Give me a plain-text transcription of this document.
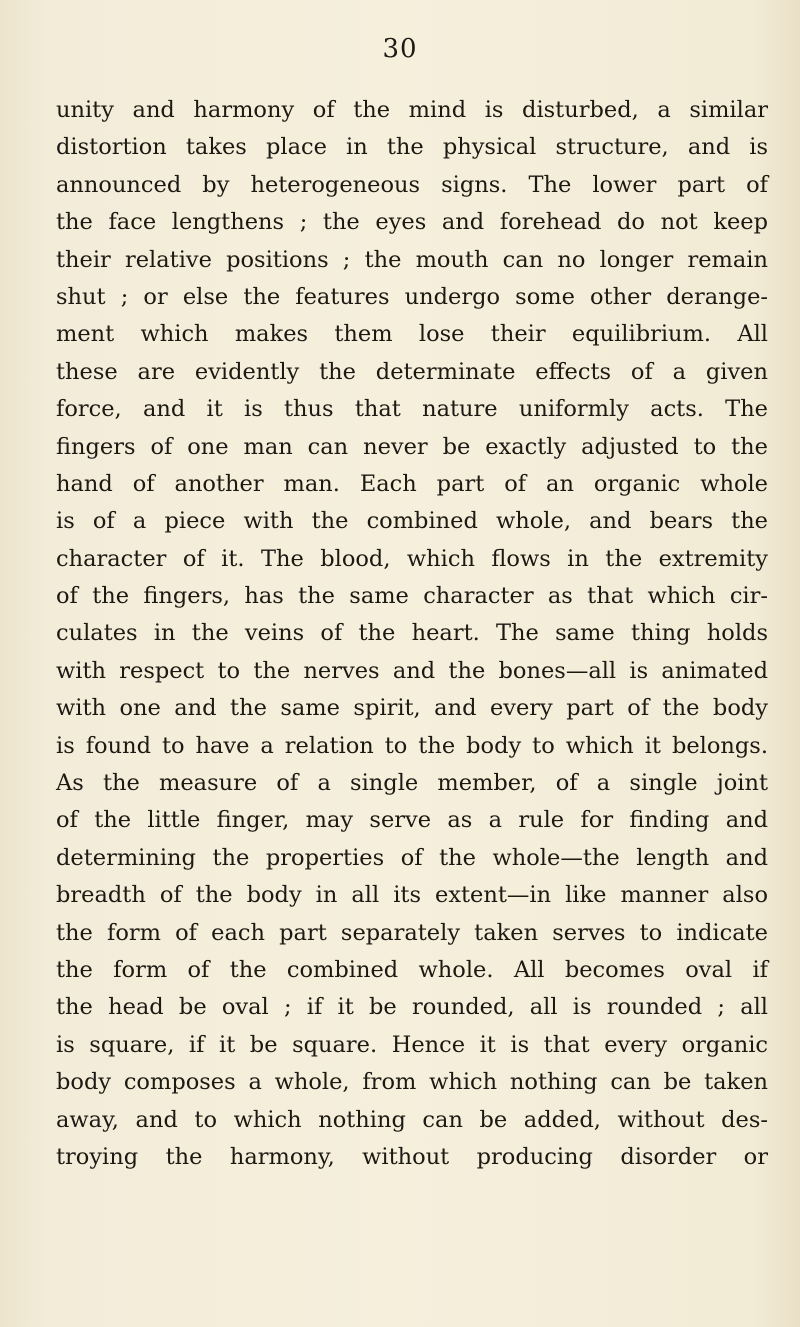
30
unity and harmony of the mind is disturbed, a similar
distortion takes place in the physical structure, and is
announced by heterogeneous signs. The lower part of
the face lengthens ; the eyes and forehead do not keep
their relative positions ; the mouth can no longer remain
shut ; or else the features undergo some other derange-
ment which makes them lose their equilibrium. All
these are evidently the determinate effects of a given
force, and it is thus that nature uniformly acts. The
fingers of one man can never be exactly adjusted to the
hand of another man. Each part of an organic whole
is of a piece with the combined whole, and bears the
character of it. The blood, which flows in the extremity
of the fingers, has the same character as that which cir-
culates in the veins of the heart. The same thing holds
with respect to the nerves and the bones—all is animated
with one and the same spirit, and every part of the body
is found to have a relation to the body to which it belongs.
As the measure of a single member, of a single joint
of the little finger, may serve as a rule for finding and
determining the properties of the whole—the length and
breadth of the body in all its extent—in like manner also
the form of each part separately taken serves to indicate
the form of the combined whole. All becomes oval if
the head be oval ; if it be rounded, all is rounded ; all
is square, if it be square. Hence it is that every organic
body composes a whole, from which nothing can be taken
away, and to which nothing can be added, without des-
troying the harmony, without producing disorder or
